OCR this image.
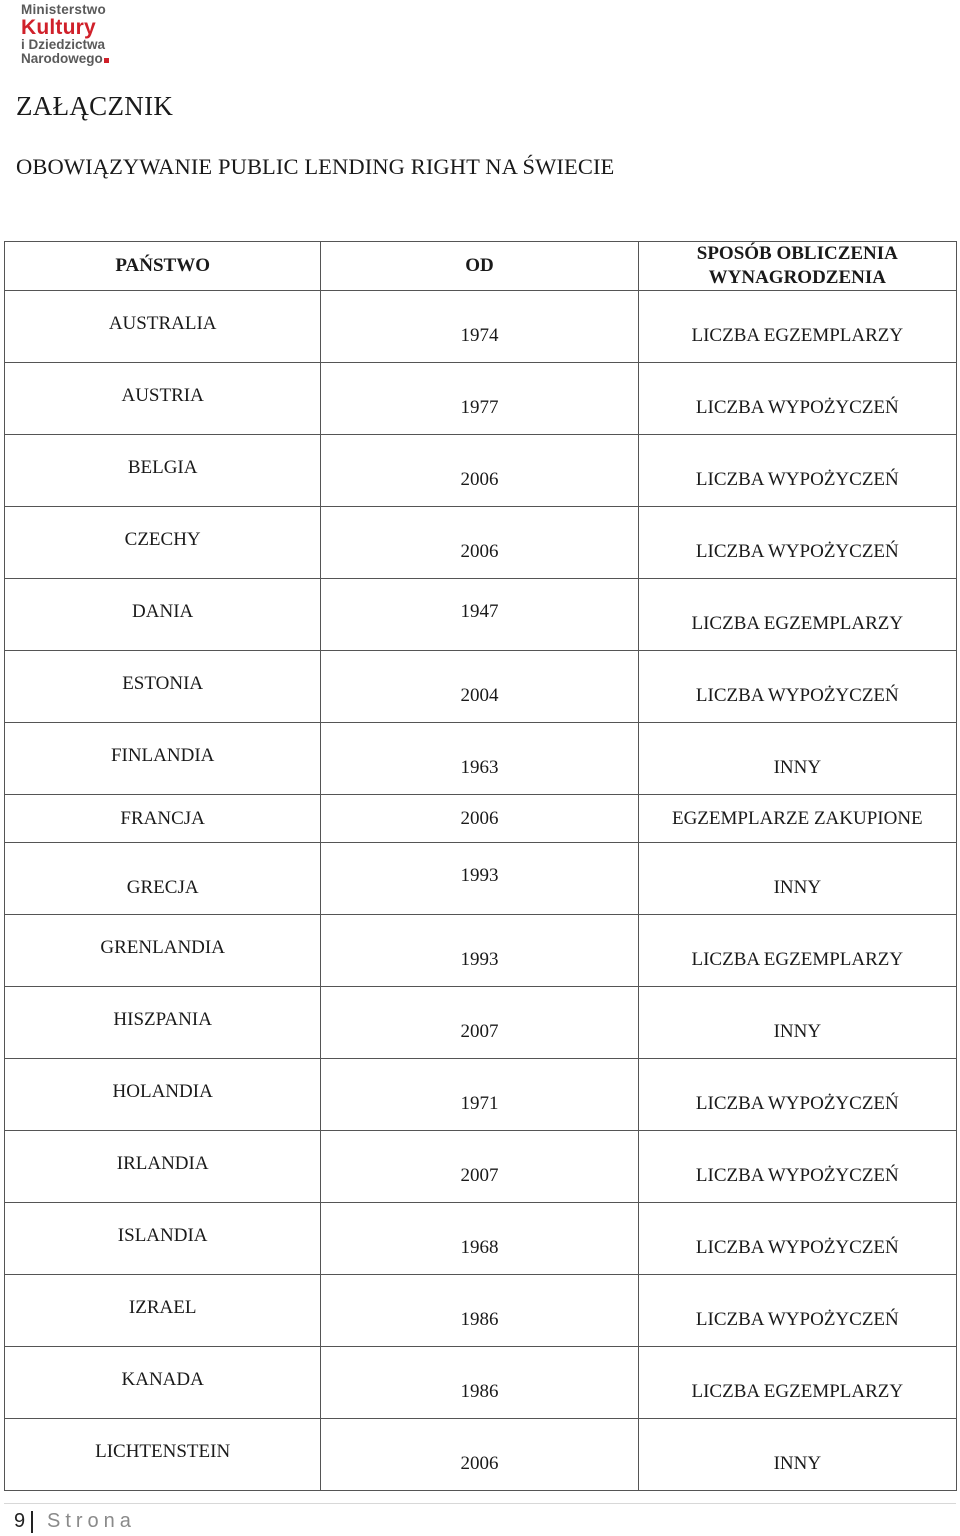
Ministerstwo
Kultury
i Dziedzictwa
Narodowego
ZAŁĄCZNIK
OBOWIĄZYWANIE PUBLIC LENDING RIGHT NA ŚWIECIE
PAŃSTWO	OD	SPOSÓB OBLICZENIA
WYNAGRODZENIA

AUSTRALIA	1974	LICZBA EGZEMPLARZY

AUSTRIA	1977	LICZBA WYPOŻYCZEŃ

BELGIA	2006	LICZBA WYPOŻYCZEŃ

CZECHY	2006	LICZBA WYPOŻYCZEŃ

DANIA	1947	LICZBA EGZEMPLARZY

ESTONIA	2004	LICZBA WYPOŻYCZEŃ

FINLANDIA	1963	INNY

FRANCJA	2006	EGZEMPLARZE ZAKUPIONE

GRECJA	1993	INNY

GRENLANDIA	1993	LICZBA EGZEMPLARZY

HISZPANIA	2007	INNY

HOLANDIA	1971	LICZBA WYPOŻYCZEŃ

IRLANDIA	2007	LICZBA WYPOŻYCZEŃ

ISLANDIA	1968	LICZBA WYPOŻYCZEŃ

IZRAEL	1986	LICZBA WYPOŻYCZEŃ

KANADA	1986	LICZBA EGZEMPLARZY

LICHTENSTEIN	2006	INNY
9 Strona
